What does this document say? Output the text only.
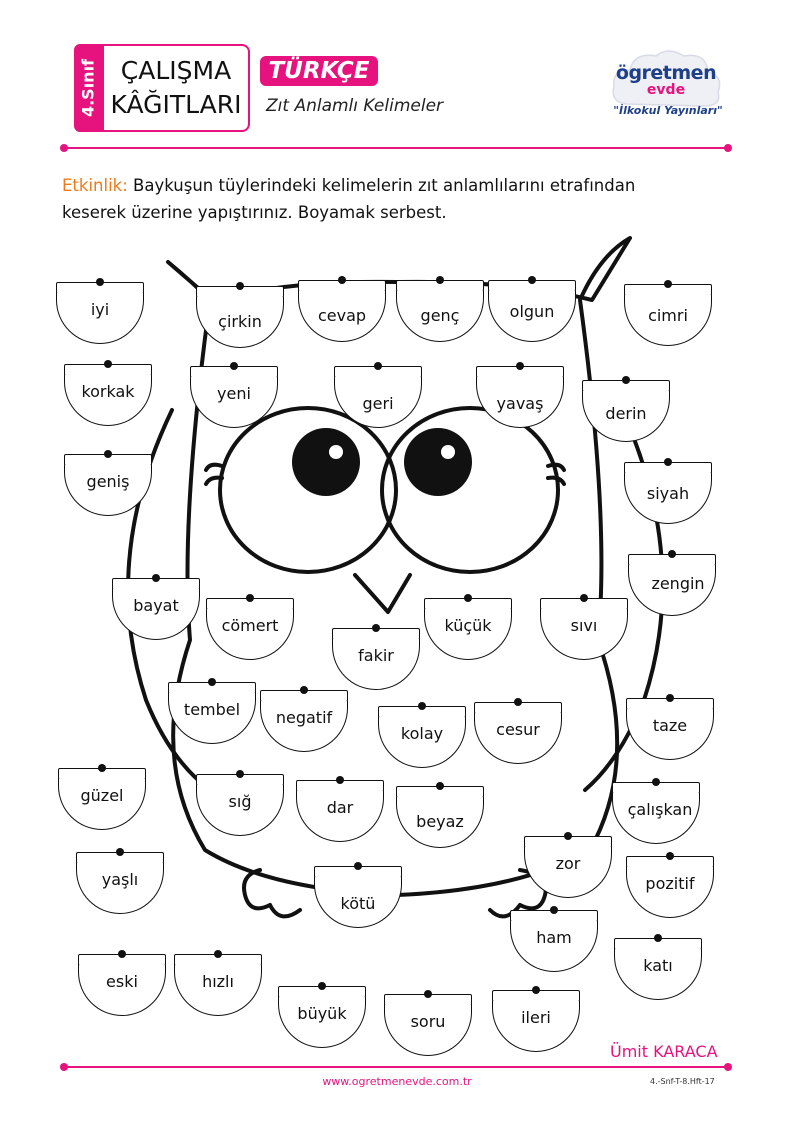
4.Sınıf ÇALIŞMA
KÂĞITLARI
TÜRKÇE
Zıt Anlamlı Kelimeler
ögretmen
evde
"İlkokul Yayınları"
Etkinlik: Baykuşun tüylerindeki kelimelerin zıt anlamlılarını etrafından keserek üzerine yapıştırınız. Boyamak serbest.
iyi
çirkin	cevap	genç	olgun	cimri
korkak	yeni
geri	yavaş
derin
geniş
siyah
zengin
bayat
cömert
fakir
küçük	sıvı
tembel	negatif
kolay	cesur	taze
güzel	sığ	dar
beyaz
çalışkan
yaşlı
kötü
zor
pozitif
ham
katı
eski	hızlı
büyük	soru	ileri
Ümit KARACA
www.ogretmenevde.com.tr	4.-Snf-T-8.Hft-17
